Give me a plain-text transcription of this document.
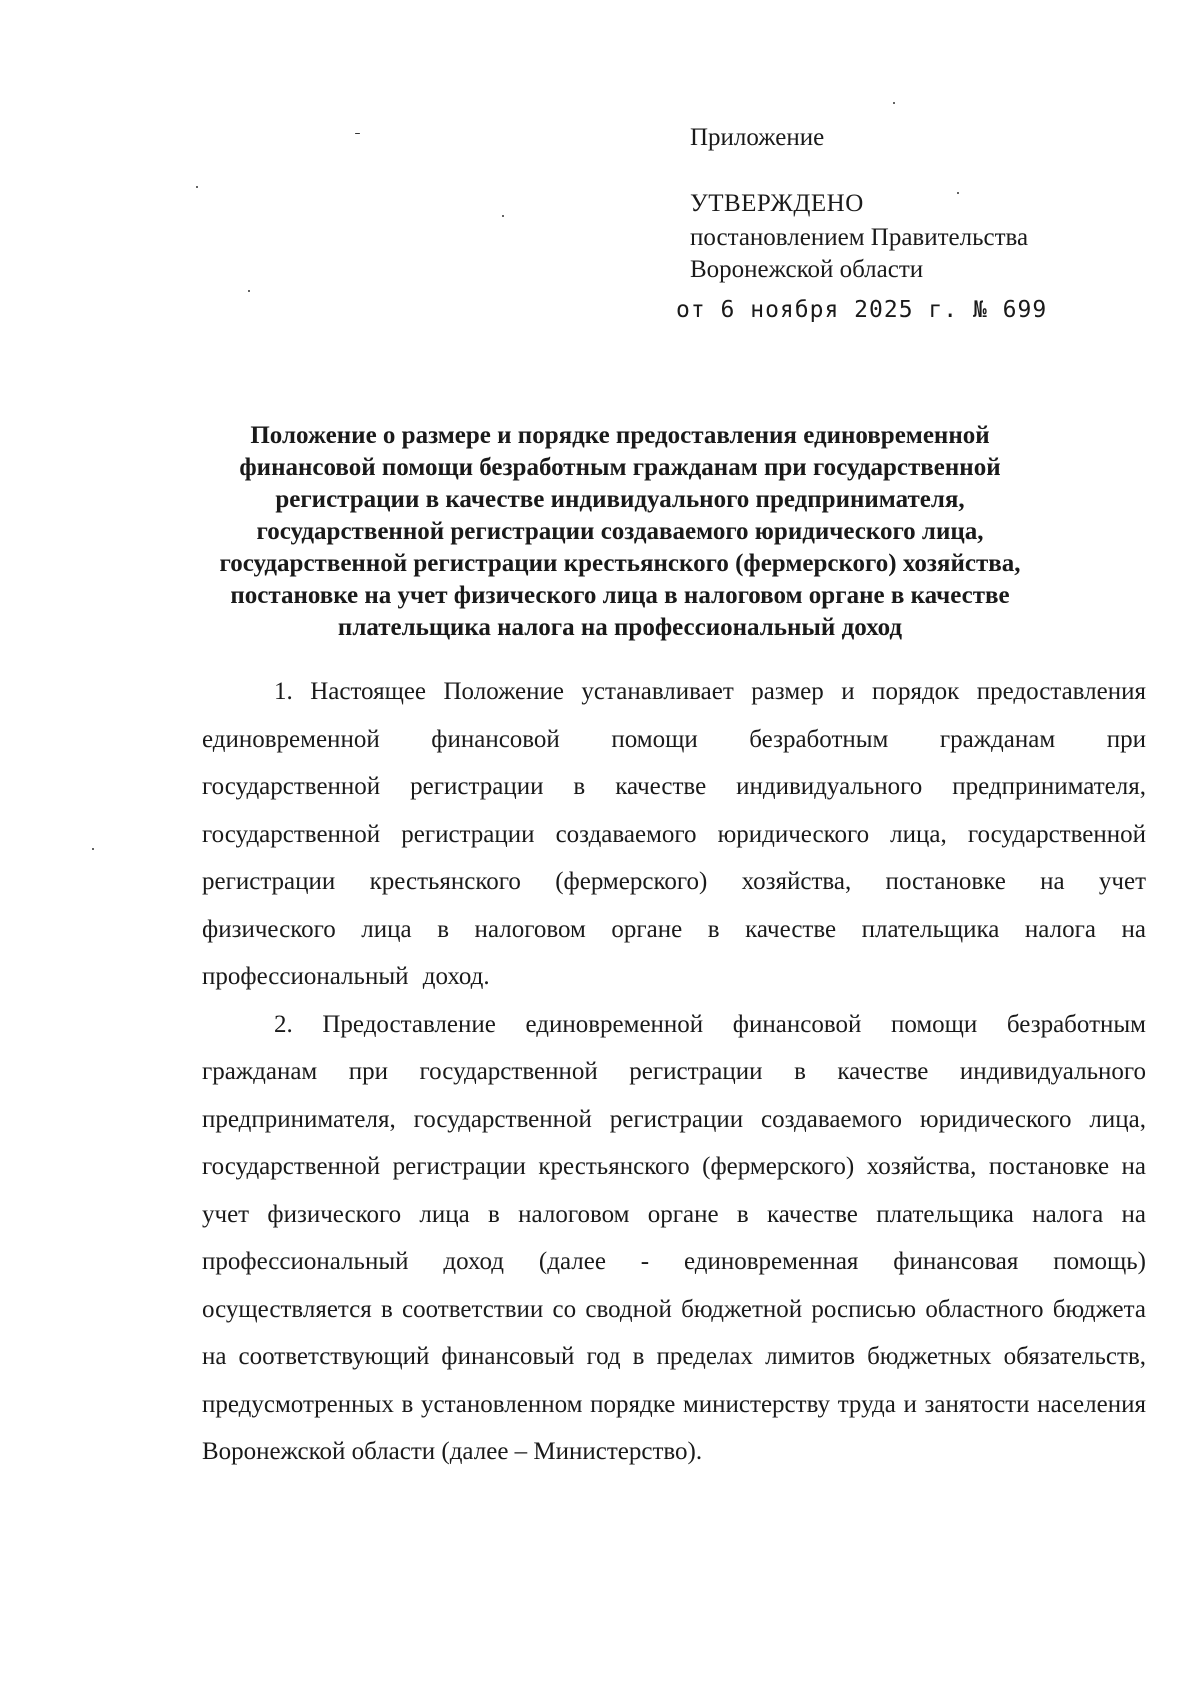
Приложение
УТВЕРЖДЕНО
постановлением Правительства
Воронежской области
от 6 ноября 2025 г. № 699
Положение о размере и порядке предоставления единовременной финансовой помощи безработным гражданам при государственной регистрации в качестве индивидуального предпринимателя, государственной регистрации создаваемого юридического лица, государственной регистрации крестьянского (фермерского) хозяйства, постановке на учет физического лица в налоговом органе в качестве плательщика налога на профессиональный доход

1. Настоящее Положение устанавливает размер и порядок предоставления единовременной финансовой помощи безработным гражданам при государственной регистрации в качестве индивидуального предпринимателя, государственной регистрации создаваемого юридического лица, государственной регистрации крестьянского (фермерского) хозяйства, постановке на учет физического лица в налоговом органе в качестве плательщика налога на профессиональный доход.

2. Предоставление единовременной финансовой помощи безработным гражданам при государственной регистрации в качестве индивидуального предпринимателя, государственной регистрации создаваемого юридического лица, государственной регистрации крестьянского (фермерского) хозяйства, постановке на учет физического лица в налоговом органе в качестве плательщика налога на профессиональный доход (далее - единовременная финансовая помощь) осуществляется в соответствии со сводной бюджетной росписью областного бюджета на соответствующий финансовый год в пределах лимитов бюджетных обязательств, предусмотренных в установленном порядке министерству труда и занятости населения Воронежской области (далее – Министерство).
